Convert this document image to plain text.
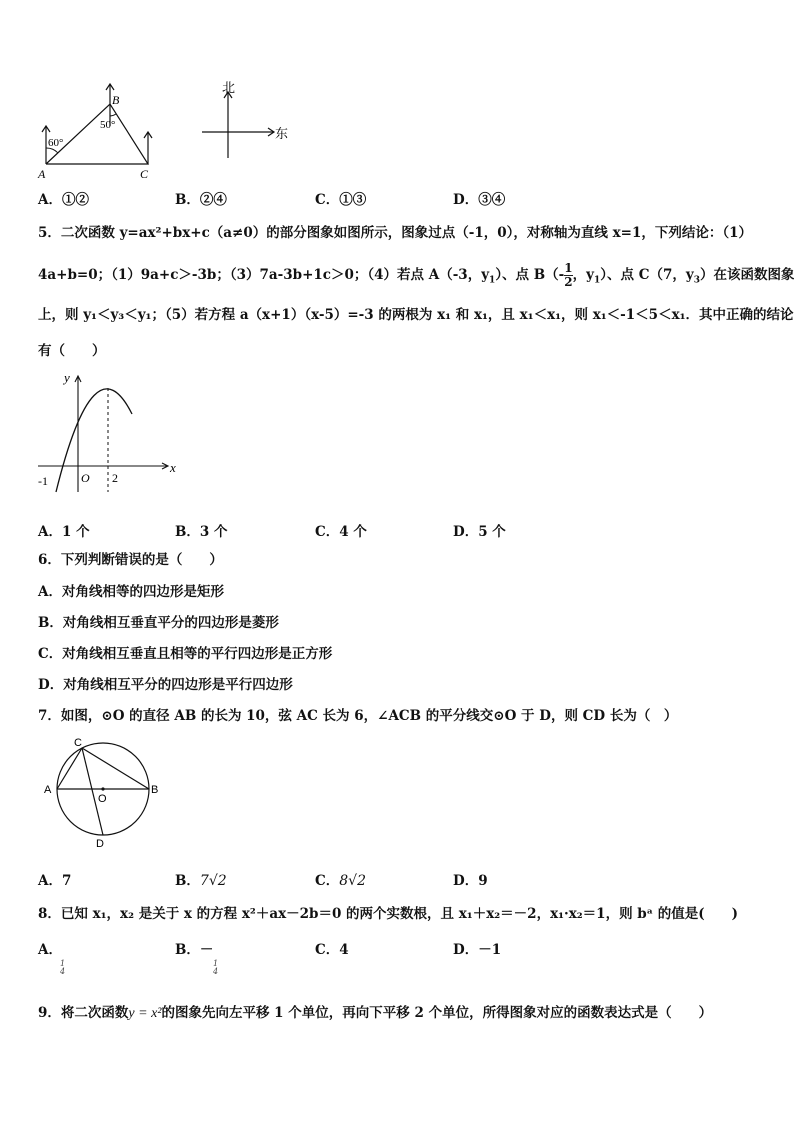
60°
50°
A
B
C
北
东
A．①②	B．②④	C．①③	D．③④
5．二次函数 y=ax²+bx+c（a≠0）的部分图象如图所示，图象过点（-1，0），对称轴为直线 x=1，下列结论：（1）
4a+b=0；（1）9a+c＞-3b；（3）7a-3b+1c＞0；（4）若点 A（-3，$y_1$）、点 $B(-\frac{1}{2}$ ，$y_1$）、点 C（7，$y_3$）在该函数图象
上，则 y₁＜y₃＜y₁；（5）若方程 a（x+1）（x-5）=-3 的两根为 x₁ 和 x₁，且 x₁＜x₁，则 x₁＜-1＜5＜x₁．其中正确的结论
有（　　）
y
x
O
-1	2
A．1 个	B．3 个	C．4 个	D．5 个
6．下列判断错误的是（　　）
A．对角线相等的四边形是矩形
B．对角线相互垂直平分的四边形是菱形
C．对角线相互垂直且相等的平行四边形是正方形
D．对角线相互平分的四边形是平行四边形
7．如图，⊙O 的直径 AB 的长为 10，弦 AC 长为 6，∠ACB 的平分线交⊙O 于 D，则 CD 长为（　）
C
A	B
O
D
A．7	B．7√2	C．8√2	D．9
8．已知 x₁，x₂ 是关于 x 的方程 x²＋ax－2b＝0 的两个实数根，且 x₁＋x₂＝－2，x₁·x₂＝1，则 bᵃ 的值是(　　)
A．
1
4
B．－
1
4
C．4	D．－1
9．将二次函数y = x²的图象先向左平移 1 个单位，再向下平移 2 个单位，所得图象对应的函数表达式是（　　）
